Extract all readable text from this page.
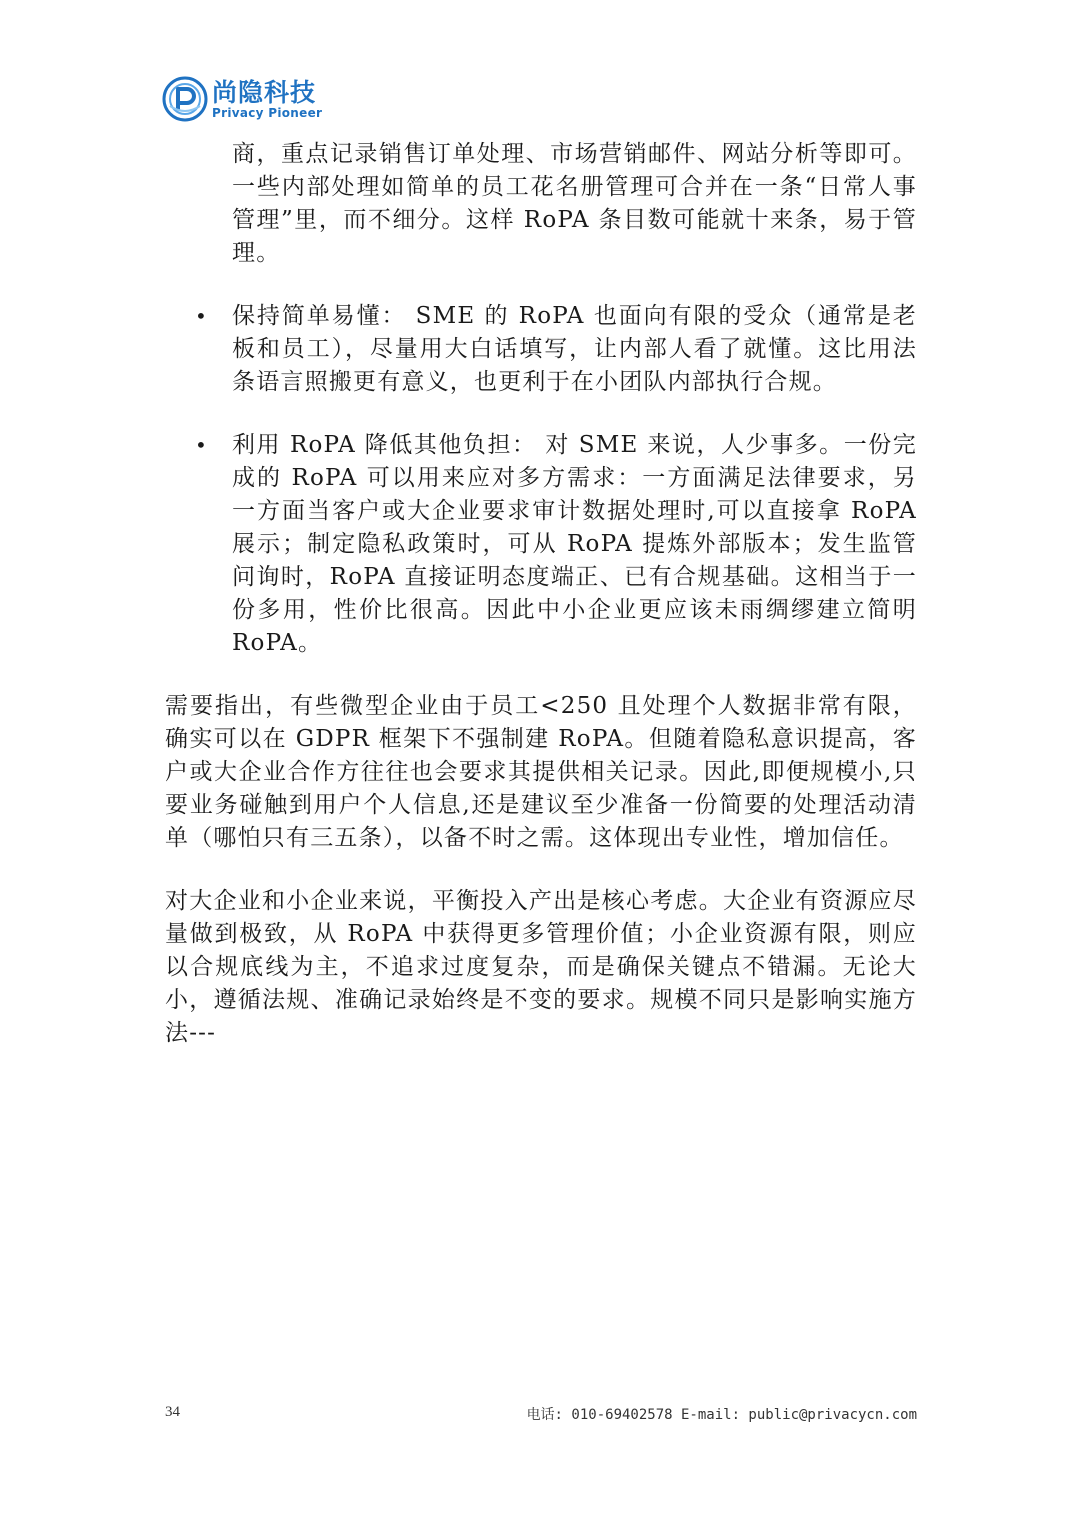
尚隐科技
Privacy Pioneer
商，重点记录销售订单处理、市场营销邮件、网站分析等即可。一些内部处理如简单的员工花名册管理可合并在一条“日常人事管理”里，而不细分。这样 RoPA 条目数可能就十来条，易于管理。
• 保持简单易懂： SME 的 RoPA 也面向有限的受众（通常是老板和员工），尽量用大白话填写，让内部人看了就懂。这比用法条语言照搬更有意义，也更利于在小团队内部执行合规。
• 利用 RoPA 降低其他负担： 对 SME 来说，人少事多。一份完成的 RoPA 可以用来应对多方需求：一方面满足法律要求，另一方面当客户或大企业要求审计数据处理时,可以直接拿 RoPA 展示；制定隐私政策时，可从 RoPA 提炼外部版本；发生监管问询时，RoPA 直接证明态度端正、已有合规基础。这相当于一份多用，性价比很高。因此中小企业更应该未雨绸缪建立简明 RoPA。

需要指出，有些微型企业由于员工<250 且处理个人数据非常有限，确实可以在 GDPR 框架下不强制建 RoPA。但随着隐私意识提高，客户或大企业合作方往往也会要求其提供相关记录。因此,即便规模小,只要业务碰触到用户个人信息,还是建议至少准备一份简要的处理活动清单（哪怕只有三五条），以备不时之需。这体现出专业性，增加信任。

对大企业和小企业来说，平衡投入产出是核心考虑。大企业有资源应尽量做到极致，从 RoPA 中获得更多管理价值；小企业资源有限，则应以合规底线为主，不追求过度复杂，而是确保关键点不错漏。无论大小，遵循法规、准确记录始终是不变的要求。规模不同只是影响实施方法---

34	电话: 010-69402578 E-mail: public@privacycn.com
